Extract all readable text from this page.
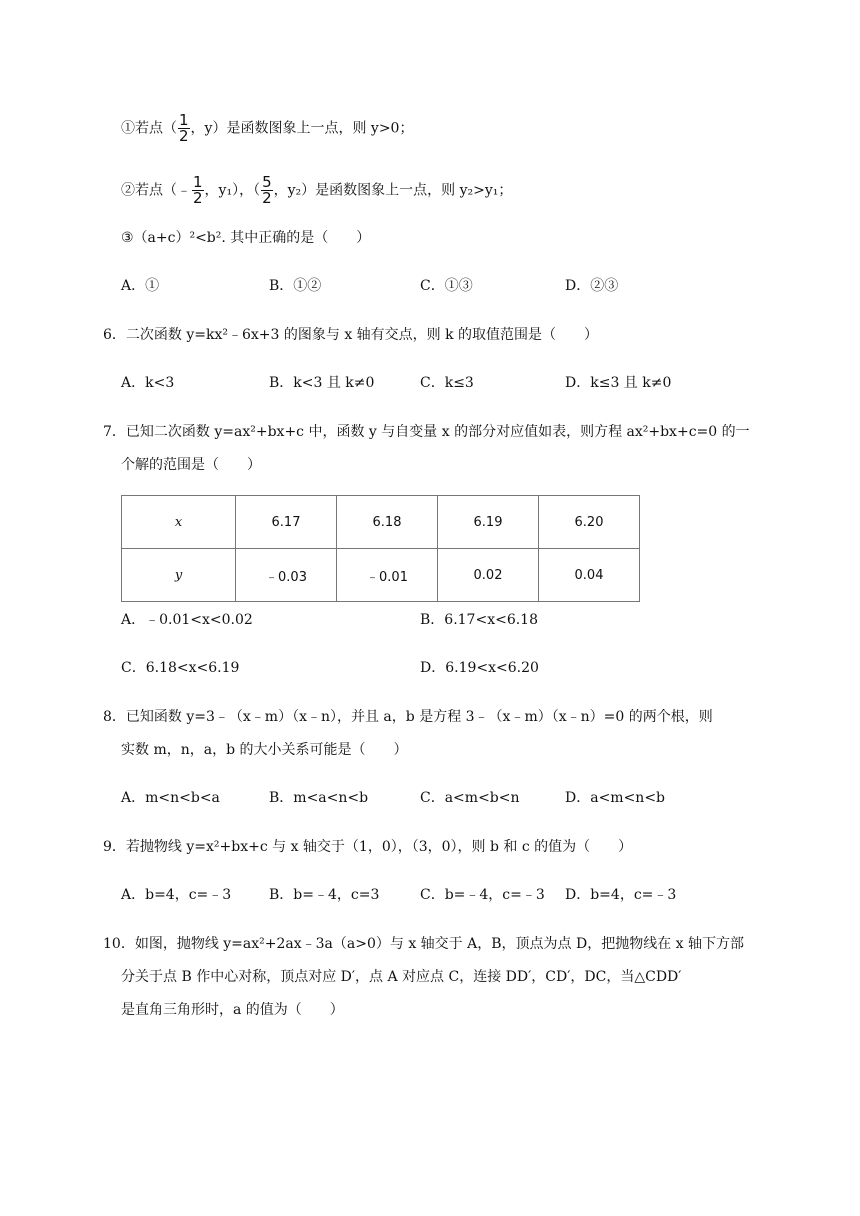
①若点（ $\frac{1}{2}$ ，y）是函数图象上一点，则 y>0；
②若点（﹣ $\frac{1}{2}$ ，y₁），（ $\frac{5}{2}$ ，y₂）是函数图象上一点，则 y₂>y₁；
③（a+c）²<b². 其中正确的是（　　）
A．①	B．①②	C．①③	D．②③
6．二次函数 y=kx²﹣6x+3 的图象与 x 轴有交点，则 k 的取值范围是（　　）
A．k<3	B．k<3 且 k≠0	C．k≤3	D．k≤3 且 k≠0
7．已知二次函数 y=ax²+bx+c 中，函数 y 与自变量 x 的部分对应值如表，则方程 ax²+bx+c=0 的一
个解的范围是（　　）
x	6.17	6.18	6.19	6.20
y	﹣0.03	﹣0.01	0.02	0.04
A．﹣0.01<x<0.02	B．6.17<x<6.18
C．6.18<x<6.19	D．6.19<x<6.20
8．已知函数 y=3﹣（x﹣m）（x﹣n），并且 a，b 是方程 3﹣（x﹣m）（x﹣n）=0 的两个根，则
实数 m，n，a，b 的大小关系可能是（　　）
A．m<n<b<a	B．m<a<n<b	C．a<m<b<n	D．a<m<n<b
9．若抛物线 y=x²+bx+c 与 x 轴交于（1，0），（3，0），则 b 和 c 的值为（　　）
A．b=4，c=﹣3	B．b=﹣4，c=3	C．b=﹣4，c=﹣3 D．b=4，c=﹣3
10．如图，抛物线 y=ax²+2ax﹣3a（a>0）与 x 轴交于 A，B，顶点为点 D，把抛物线在 x 轴下方部
分关于点 B 作中心对称，顶点对应 D′，点 A 对应点 C，连接 DD′，CD′，DC，当△CDD′
是直角三角形时，a 的值为（　　）
